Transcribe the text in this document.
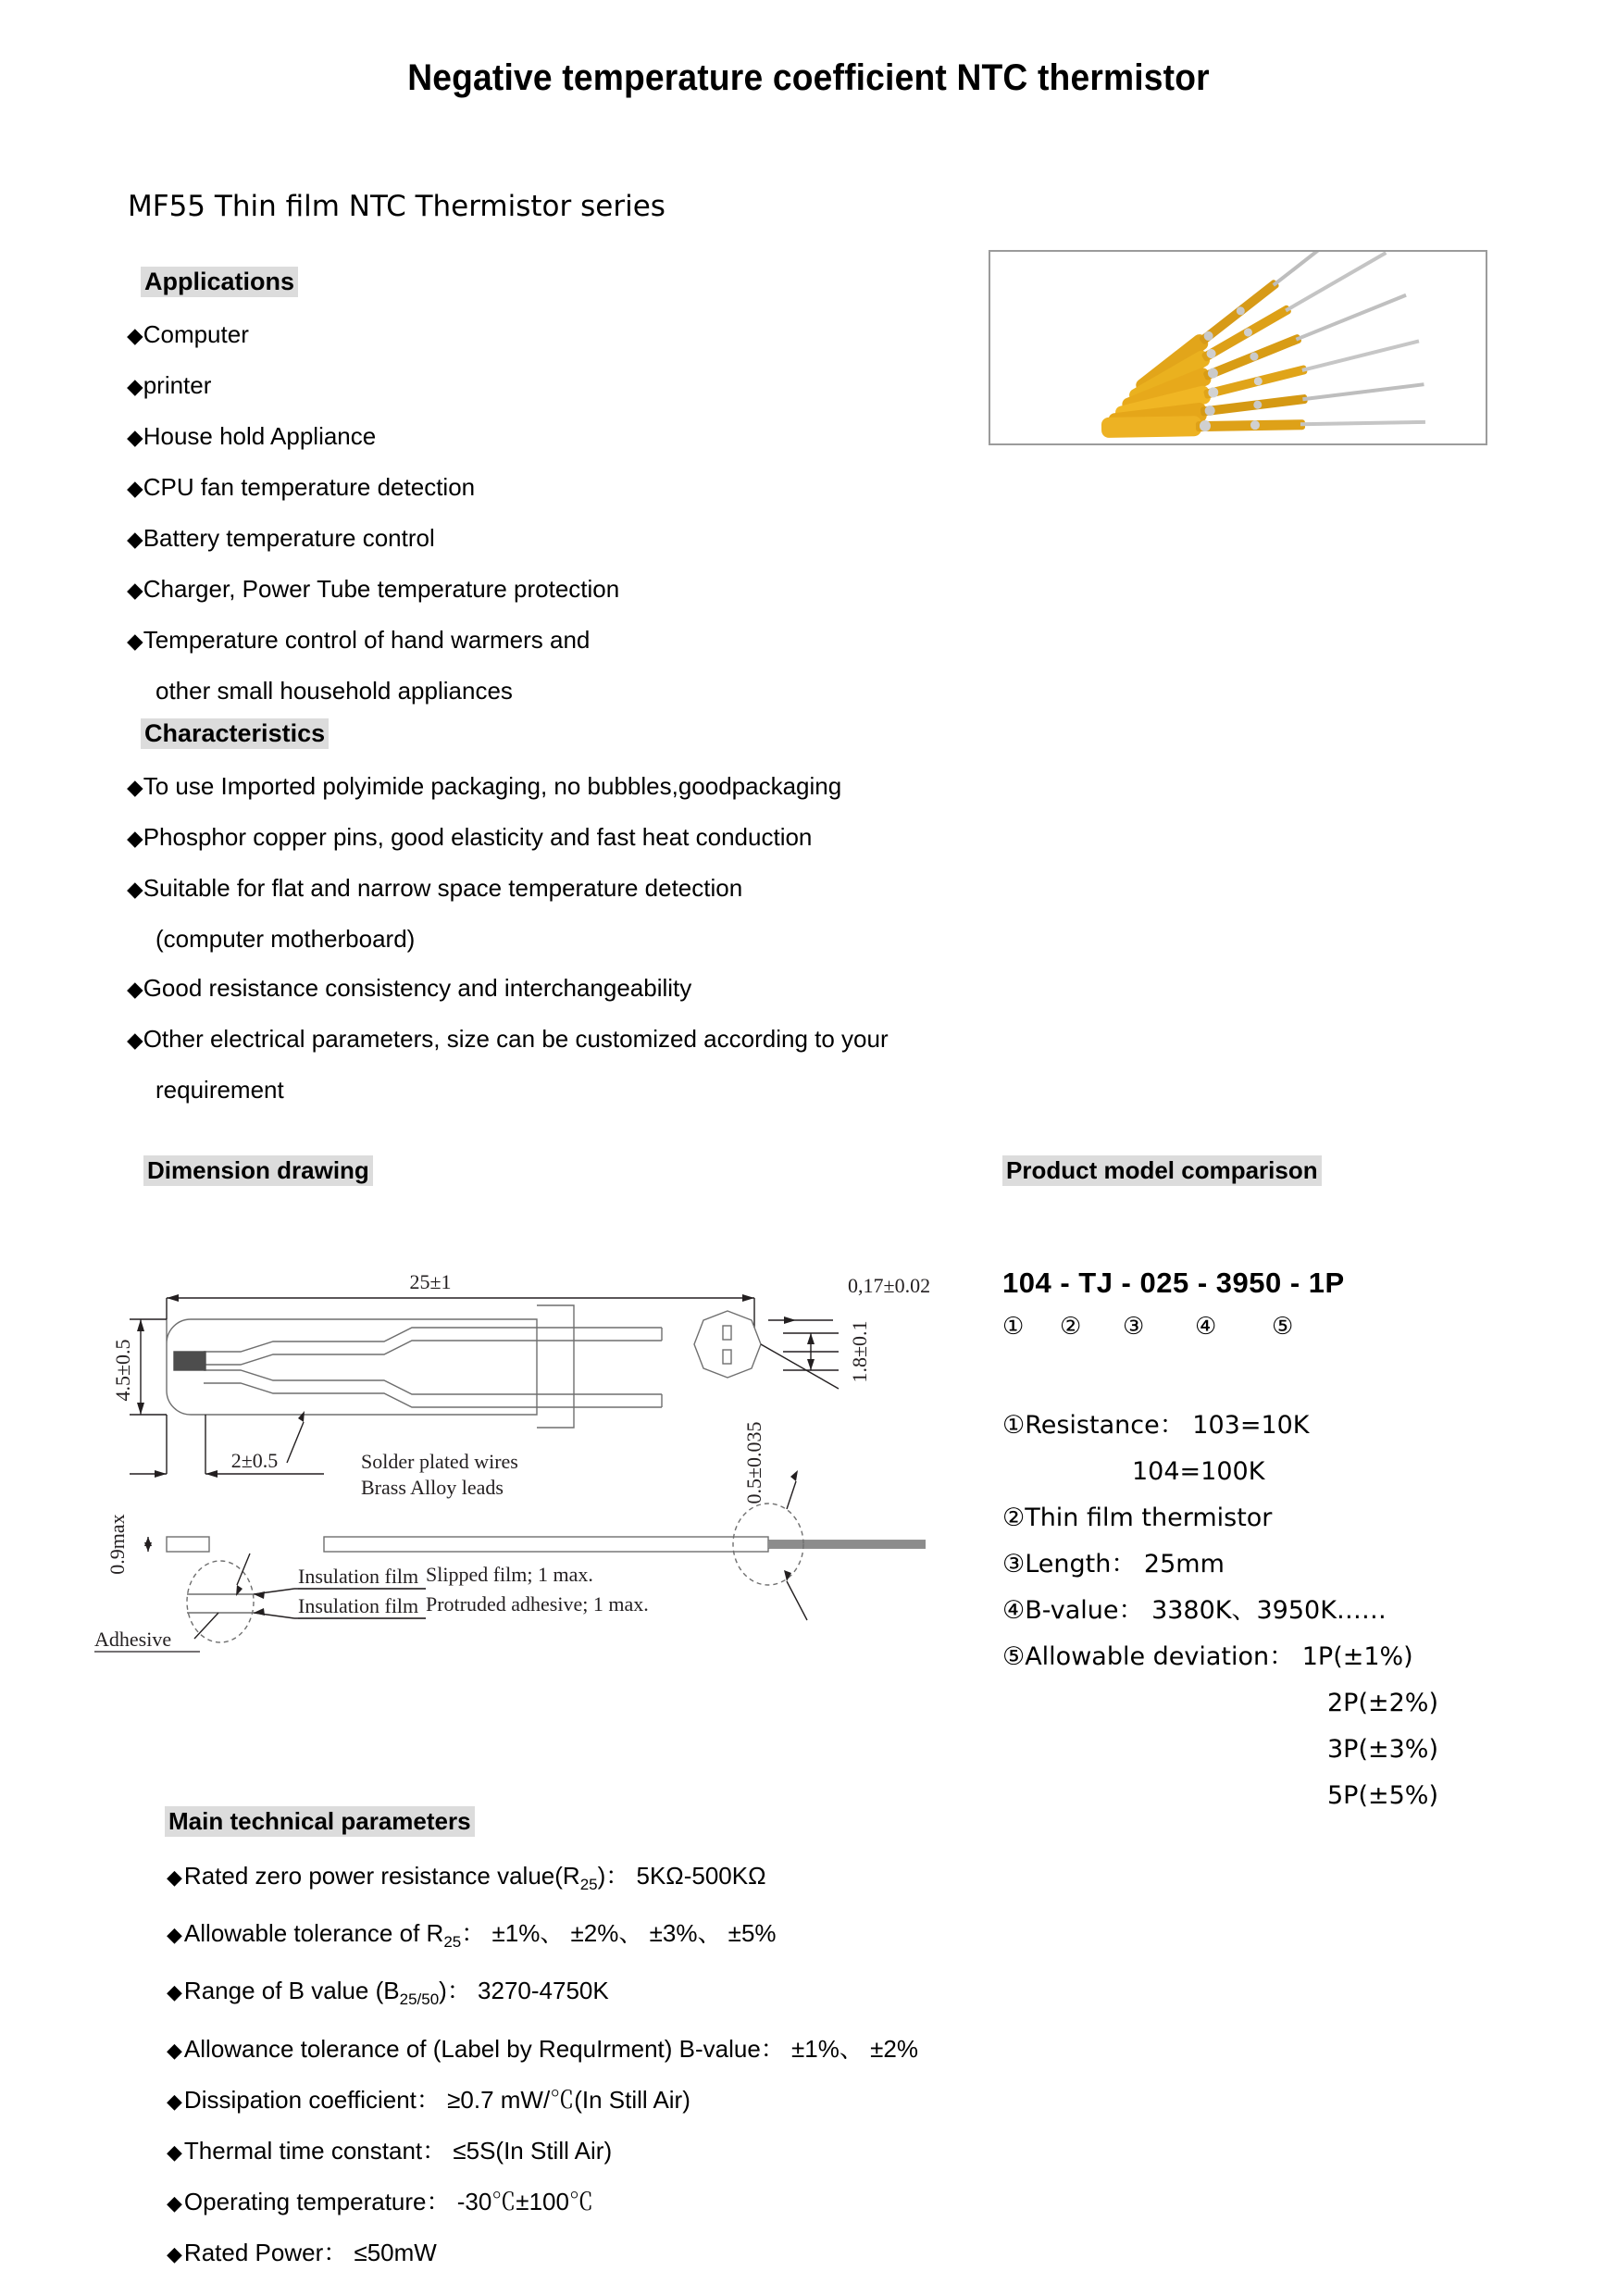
Negative temperature coefficient NTC thermistor
MF55 Thin film NTC Thermistor series
Applications
◆Computer
◆printer
◆House hold Appliance
◆CPU fan temperature detection
◆Battery temperature control
◆Charger, Power Tube temperature protection
◆Temperature control of hand warmers and
other small household appliances
Characteristics
◆To use Imported polyimide packaging, no bubbles,goodpackaging
◆Phosphor copper pins, good elasticity and fast heat conduction
◆Suitable for flat and narrow space temperature detection
(computer motherboard)
◆Good resistance consistency and interchangeability
◆Other electrical parameters, size can be customized according to your
requirement
Dimension drawing	Product model comparison
104 - TJ - 025 - 3950 - 1P
①	②	③	④	⑤
①Resistance： 103=10K
104=100K
②Thin film thermistor
③Length： 25mm
④B-value： 3380K、3950K……
⑤Allowable deviation： 1P(±1%)
2P(±2%)
3P(±3%)
5P(±5%)
25±1
4.5±0.5
2±0.5
0,17±0.02
1.8±0.1
0.5±0.035
0.9max
Solder plated wires
Brass Alloy leads
Insulation film
Insulation film
Adhesive
Slipped film; 1 max.
Protruded adhesive; 1 max.
Main technical parameters
◆Rated zero power resistance $value(R_{25})$： 5KΩ-500KΩ
◆Allowable tolerance of $R_{25}$： ±1%、 ±2%、 ±3%、 ±5%
◆Range of B value $(B_{25/50})$： 3270-4750K
◆Allowance tolerance of (Label by RequIrment) B-value： ±1%、 ±2%
◆Dissipation coefficient： ≥0.7 mW/℃(In Still Air)
◆Thermal time constant： ≤5S(In Still Air)
◆Operating temperature： -30℃±100℃
◆Rated Power： ≤50mW
